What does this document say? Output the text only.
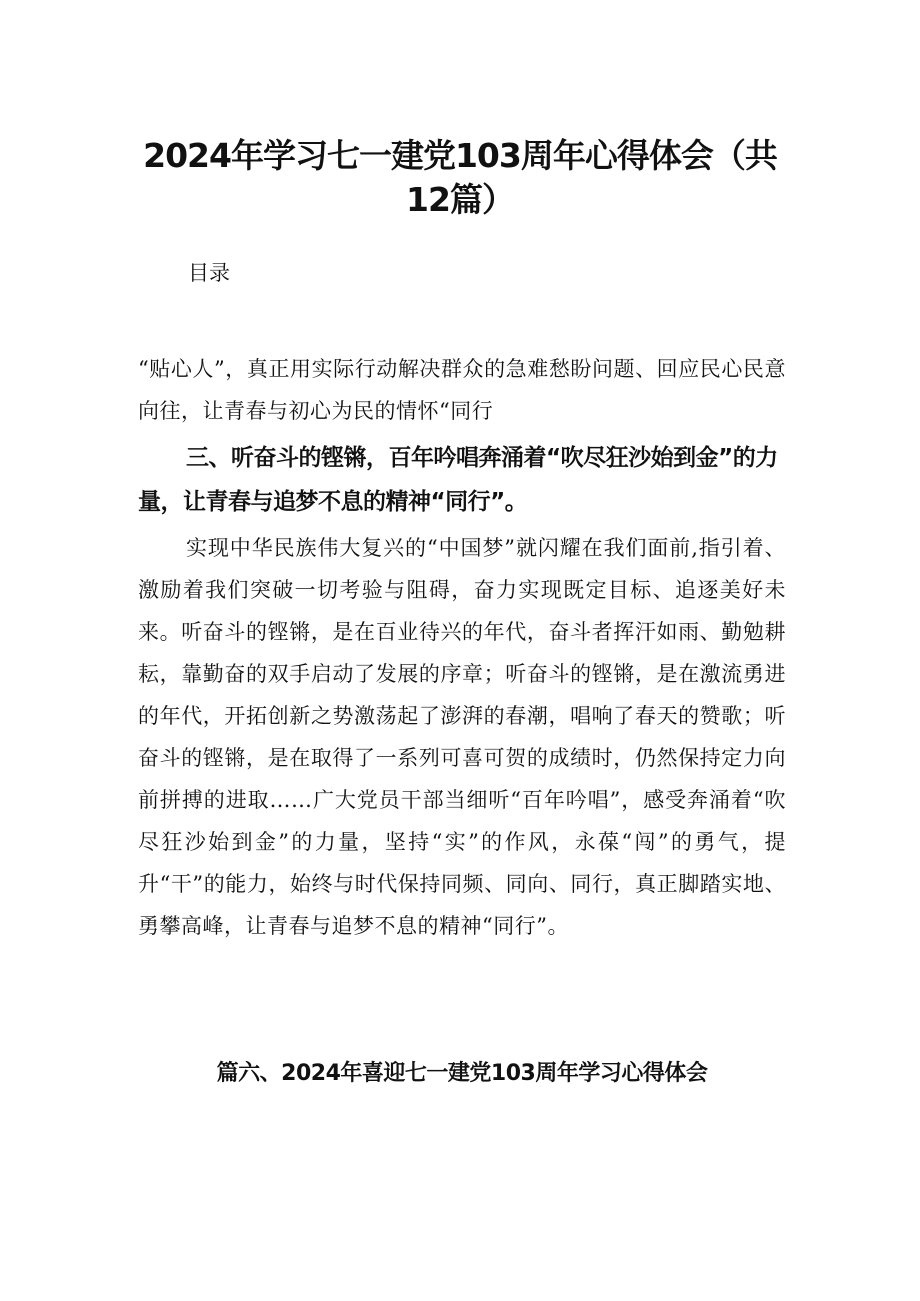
2024年学习七一建党103周年心得体会（共12篇）

目录

“贴心人”，真正用实际行动解决群众的急难愁盼问题、回应民心民意向往，让青春与初心为民的情怀“同行

三、听奋斗的铿锵，百年吟唱奔涌着“吹尽狂沙始到金”的力量，让青春与追梦不息的精神“同行”。

实现中华民族伟大复兴的“中国梦”就闪耀在我们面前,指引着、激励着我们突破一切考验与阻碍，奋力实现既定目标、追逐美好未来。听奋斗的铿锵，是在百业待兴的年代，奋斗者挥汗如雨、勤勉耕耘，靠勤奋的双手启动了发展的序章；听奋斗的铿锵，是在激流勇进的年代，开拓创新之势激荡起了澎湃的春潮，唱响了春天的赞歌；听奋斗的铿锵，是在取得了一系列可喜可贺的成绩时，仍然保持定力向前拼搏的进取……广大党员干部当细听“百年吟唱”，感受奔涌着“吹尽狂沙始到金”的力量，坚持“实”的作风，永葆“闯”的勇气，提升“干”的能力，始终与时代保持同频、同向、同行，真正脚踏实地、勇攀高峰，让青春与追梦不息的精神“同行”。

篇六、2024年喜迎七一建党103周年学习心得体会
